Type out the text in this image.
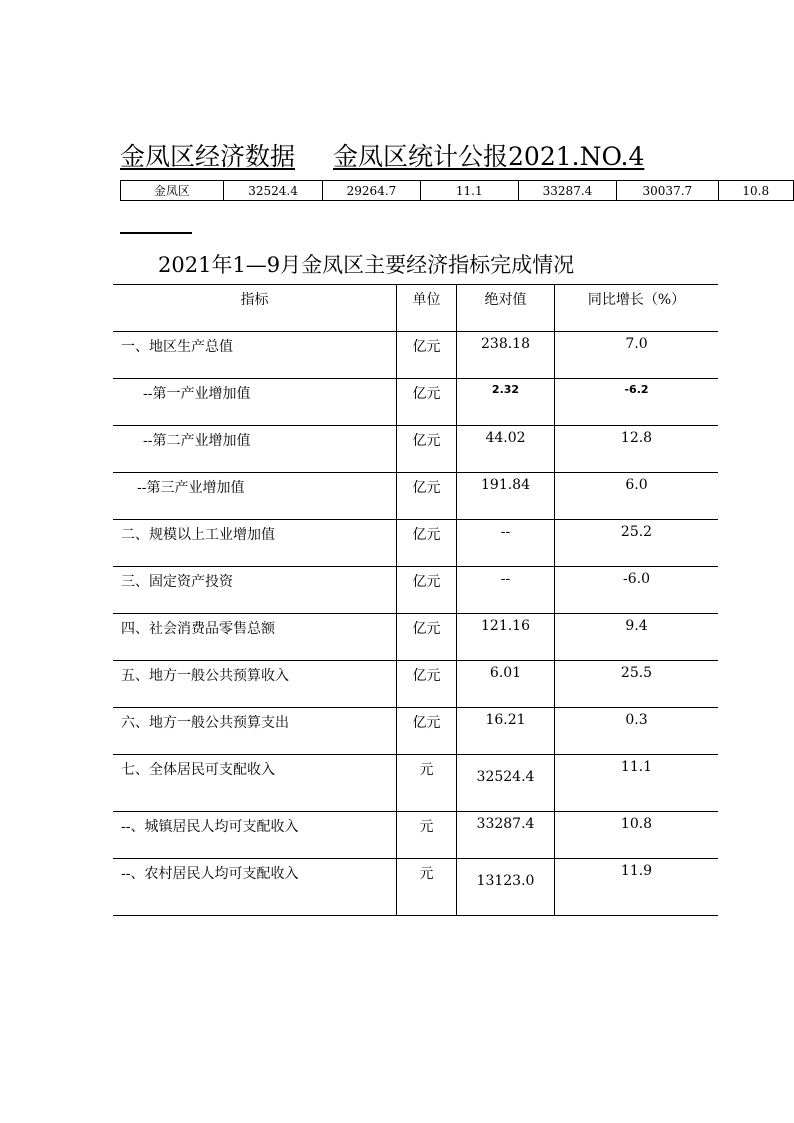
金凤区经济数据 金凤区统计公报2021.NO.4
金凤区	32524.4	29264.7	11.1	33287.4	30037.7	10.8
2021年1—9月金凤区主要经济指标完成情况
指标	单位	绝对值	同比增长（%）
一、地区生产总值	亿元	238.18	7.0
--第一产业增加值	亿元	2.32	-6.2
--第二产业增加值	亿元	44.02	12.8
--第三产业增加值	亿元	191.84	6.0
二、规模以上工业增加值	亿元	--	25.2
三、固定资产投资	亿元	--	-6.0
四、社会消费品零售总额	亿元	121.16	9.4
五、地方一般公共预算收入	亿元	6.01	25.5
六、地方一般公共预算支出	亿元	16.21	0.3
七、全体居民可支配收入	元	32524.4	11.1
--、城镇居民人均可支配收入	元	33287.4	10.8
--、农村居民人均可支配收入	元	13123.0	11.9
